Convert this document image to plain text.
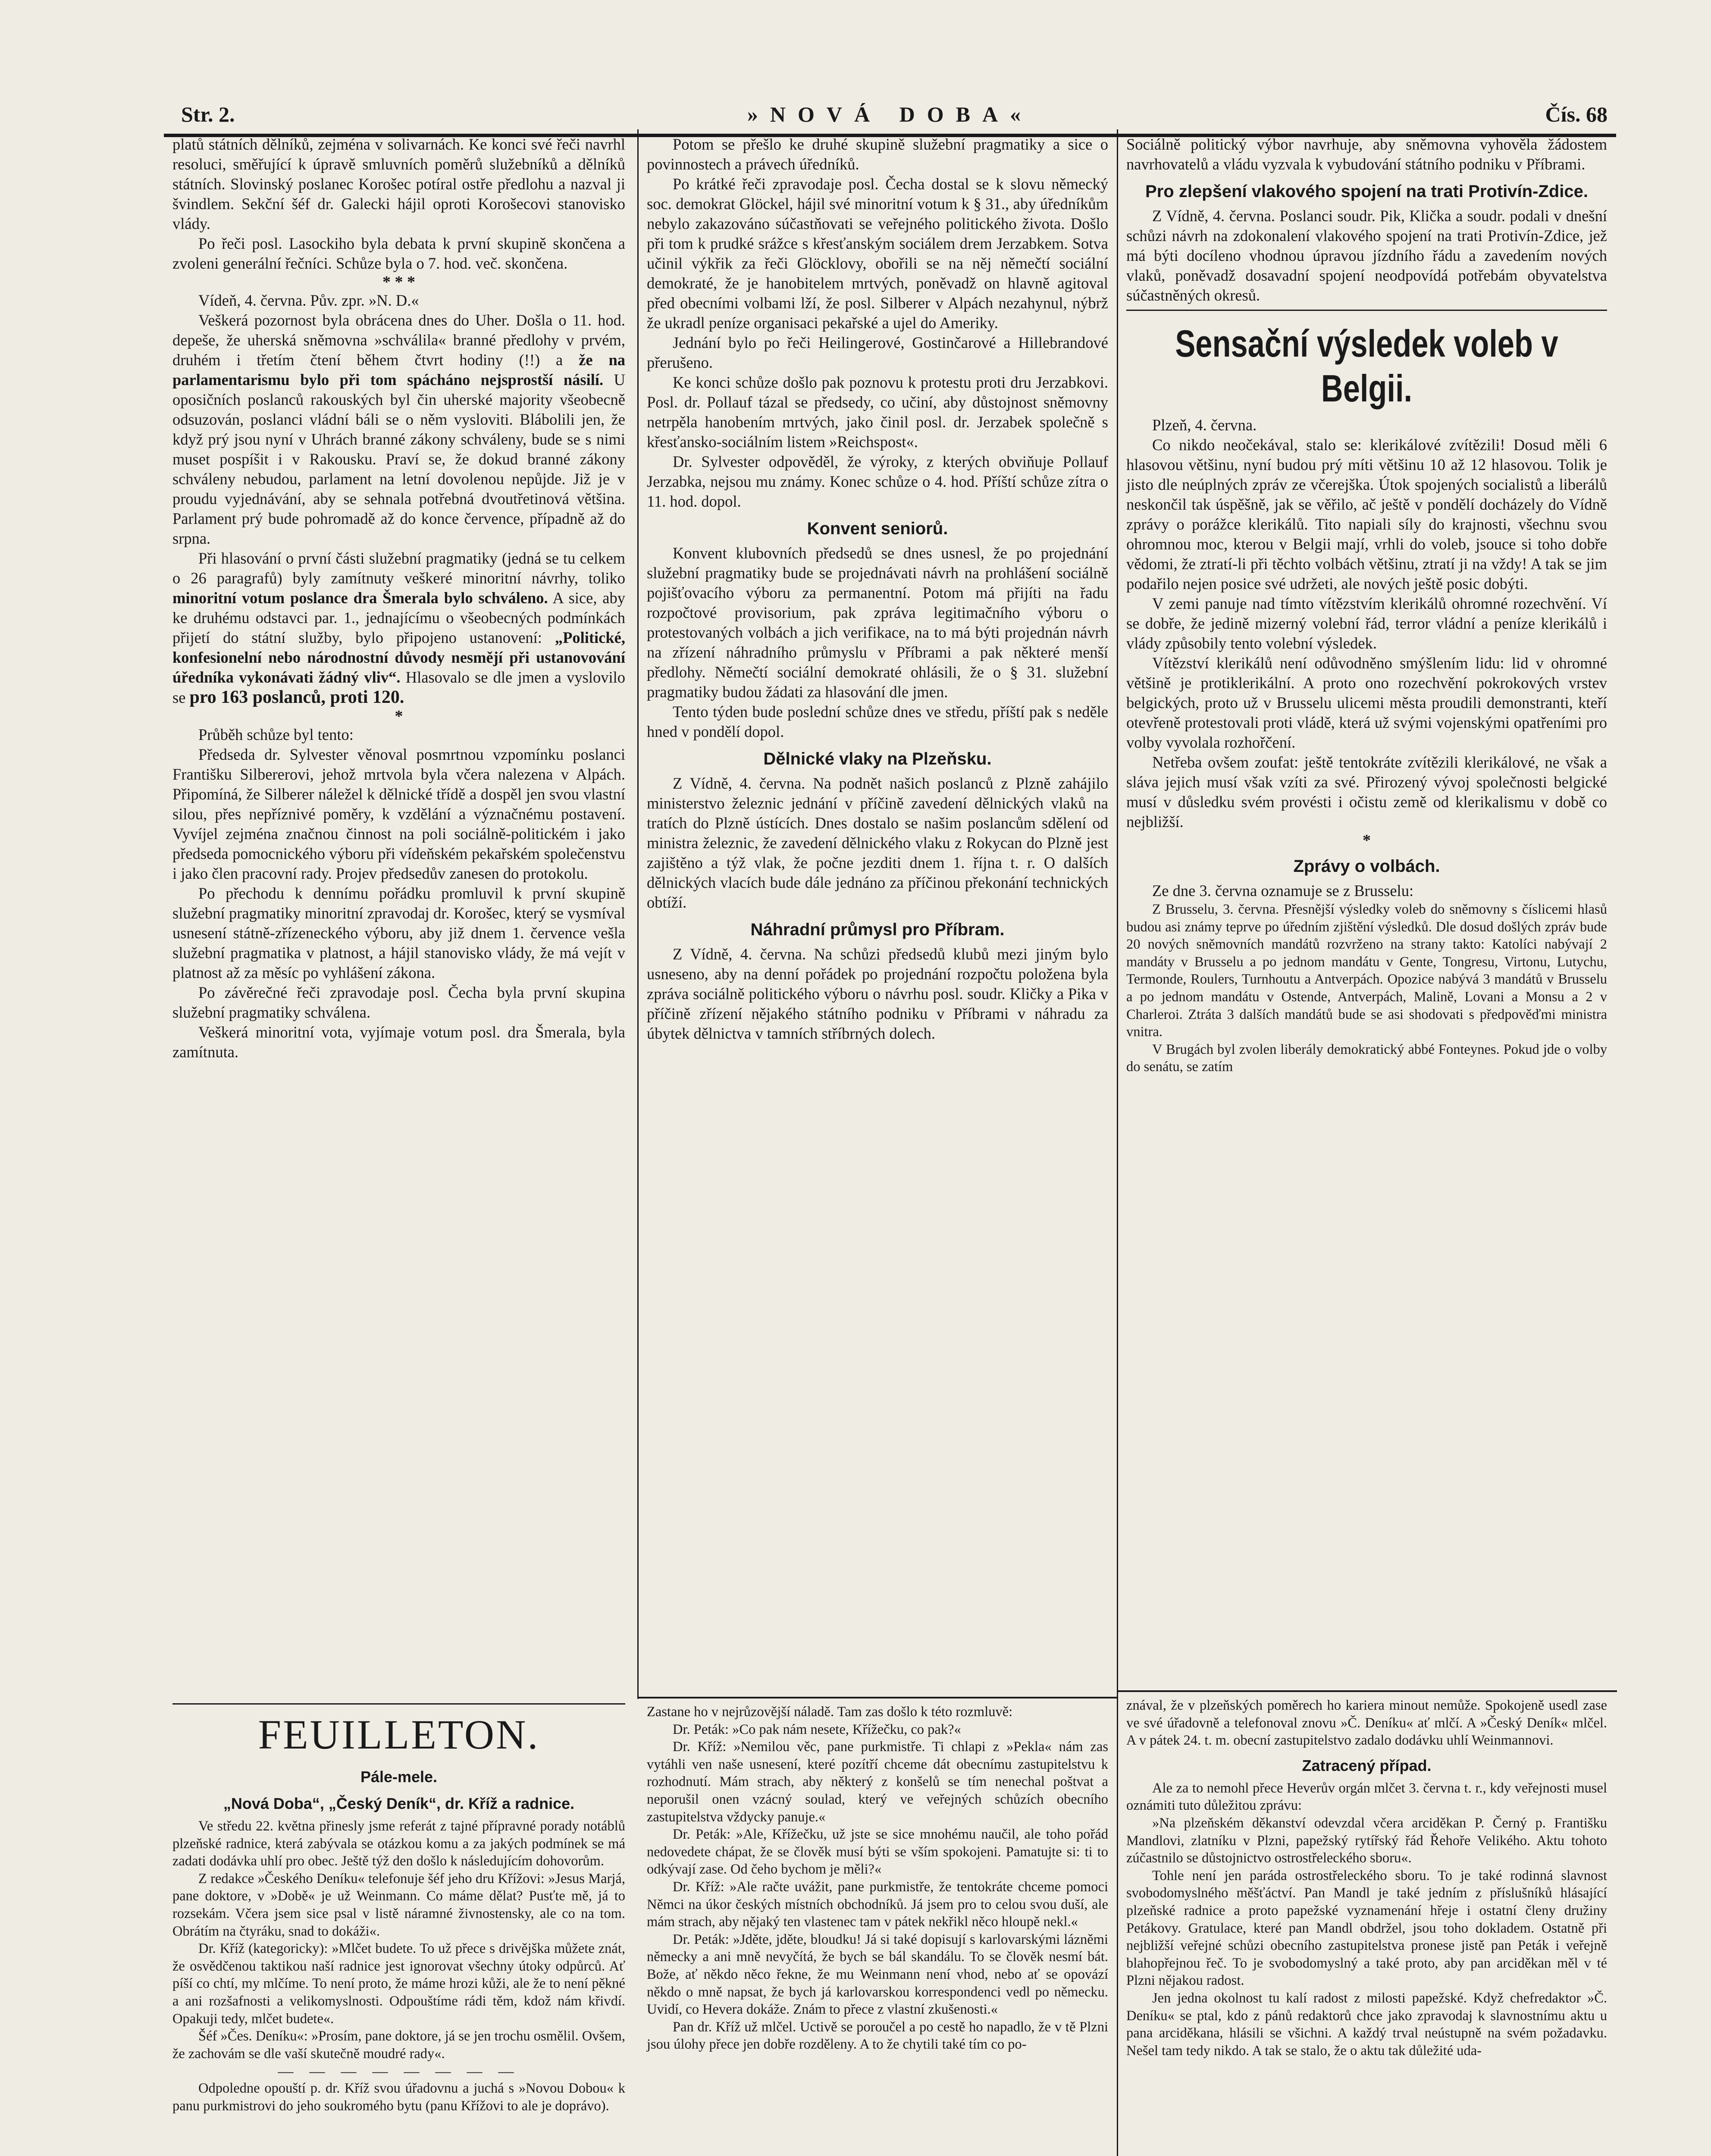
Str. 2.	»NOVÁ DOBA«	Čís. 68

platů státních dělníků, zejména v solivarnách. Ke konci své řeči navrhl resoluci, směřující k úpravě smluvních poměrů služebníků a dělníků státních. Slovinský poslanec Korošec potíral ostře předlohu a nazval ji švindlem. Sekční šéf dr. Galecki hájil oproti Korošecovi stanovisko vlády.

Po řeči posl. Lasockiho byla debata k první skupině skončena a zvoleni generální řečníci. Schůze byla o 7. hod. več. skončena.

* * *

Vídeň, 4. června. Pův. zpr. »N. D.«

Veškerá pozornost byla obrácena dnes do Uher. Došla o 11. hod. depeše, že uherská sněmovna »schválila« branné předlohy v prvém, druhém i třetím čtení během čtvrt hodiny (!!) a že na parlamentarismu bylo při tom spácháno nejsprostší násilí. U oposičních poslanců rakouských byl čin uherské majority všeobecně odsuzován, poslanci vládní báli se o něm vysloviti. Blábolili jen, že když prý jsou nyní v Uhrách branné zákony schváleny, bude se s nimi muset pospíšit i v Rakousku. Praví se, že dokud branné zákony schváleny nebudou, parlament na letní dovolenou nepůjde. Již je v proudu vyjednávání, aby se sehnala potřebná dvoutřetinová většina. Parlament prý bude pohromadě až do konce července, případně až do srpna.

Při hlasování o první části služební pragmatiky (jedná se tu celkem o 26 paragrafů) byly zamítnuty veškeré minoritní návrhy, toliko minoritní votum poslance dra Šmerala bylo schváleno. A sice, aby ke druhému odstavci par. 1., jednajícímu o všeobecných podmínkách přijetí do státní služby, bylo připojeno ustanovení: „Politické, konfesionelní nebo národnostní důvody nesmějí při ustanovování úředníka vykonávati žádný vliv“. Hlasovalo se dle jmen a vyslovilo se pro 163 poslanců, proti 120.

*

Průběh schůze byl tento:

Předseda dr. Sylvester věnoval posmrtnou vzpomínku poslanci Františku Silbererovi, jehož mrtvola byla včera nalezena v Alpách. Připomíná, že Silberer náležel k dělnické třídě a dospěl jen svou vlastní silou, přes nepříznivé poměry, k vzdělání a význačnému postavení. Vyvíjel zejména značnou činnost na poli sociálně-politickém i jako předseda pomocnického výboru při vídeňském pekařském společenstvu i jako člen pracovní rady. Projev předsedův zanesen do protokolu.

Po přechodu k dennímu pořádku promluvil k první skupině služební pragmatiky minoritní zpravodaj dr. Korošec, který se vysmíval usnesení státně-zřízeneckého výboru, aby již dnem 1. července vešla služební pragmatika v platnost, a hájil stanovisko vlády, že má vejít v platnost až za měsíc po vyhlášení zákona.

Po závěrečné řeči zpravodaje posl. Čecha byla první skupina služební pragmatiky schválena.

Veškerá minoritní vota, vyjímaje votum posl. dra Šmerala, byla zamítnuta.

Potom se přešlo ke druhé skupině služební pragmatiky a sice o povinnostech a právech úředníků.

Po krátké řeči zpravodaje posl. Čecha dostal se k slovu německý soc. demokrat Glöckel, hájil své minoritní votum k § 31., aby úředníkům nebylo zakazováno súčastňovati se veřejného politického života. Došlo při tom k prudké srážce s křesťanským sociálem drem Jerzabkem. Sotva učinil výkřik za řeči Glöcklovy, obořili se na něj němečtí sociální demokraté, že je hanobitelem mrtvých, poněvadž on hlavně agitoval před obecními volbami lží, že posl. Silberer v Alpách nezahynul, nýbrž že ukradl peníze organisaci pekařské a ujel do Ameriky.

Jednání bylo po řeči Heilingerové, Gostinčarové a Hillebrandové přerušeno.

Ke konci schůze došlo pak poznovu k protestu proti dru Jerzabkovi. Posl. dr. Pollauf tázal se předsedy, co učiní, aby důstojnost sněmovny netrpěla hanobením mrtvých, jako činil posl. dr. Jerzabek společně s křesťansko-sociálním listem »Reichspost«.

Dr. Sylvester odpověděl, že výroky, z kterých obviňuje Pollauf Jerzabka, nejsou mu známy. Konec schůze o 4. hod. Příští schůze zítra o 11. hod. dopol.

Konvent seniorů.

Konvent klubovních předsedů se dnes usnesl, že po projednání služební pragmatiky bude se projednávati návrh na prohlášení sociálně pojišťovacího výboru za permanentní. Potom má přijíti na řadu rozpočtové provisorium, pak zpráva legitimačního výboru o protestovaných volbách a jich verifikace, na to má býti projednán návrh na zřízení náhradního průmyslu v Příbrami a pak některé menší předlohy. Němečtí sociální demokraté ohlásili, že o § 31. služební pragmatiky budou žádati za hlasování dle jmen.

Tento týden bude poslední schůze dnes ve středu, příští pak s neděle hned v pondělí dopol.

Dělnické vlaky na Plzeňsku.

Z Vídně, 4. června. Na podnět našich poslanců z Plzně zahájilo ministerstvo železnic jednání v příčině zavedení dělnických vlaků na tratích do Plzně ústících. Dnes dostalo se našim poslancům sdělení od ministra železnic, že zavedení dělnického vlaku z Rokycan do Plzně jest zajištěno a týž vlak, že počne jezditi dnem 1. října t. r. O dalších dělnických vlacích bude dále jednáno za příčinou překonání technických obtíží.

Náhradní průmysl pro Příbram.

Z Vídně, 4. června. Na schůzi předsedů klubů mezi jiným bylo usneseno, aby na denní pořádek po projednání rozpočtu položena byla zpráva sociálně politického výboru o návrhu posl. soudr. Kličky a Pika v příčině zřízení nějakého státního podniku v Příbrami v náhradu za úbytek dělnictva v tamních stříbrných dolech.

Sociálně politický výbor navrhuje, aby sněmovna vyhověla žádostem navrhovatelů a vládu vyzvala k vybudování státního podniku v Příbrami.

Pro zlepšení vlakového spojení na trati Protivín-Zdice.

Z Vídně, 4. června. Poslanci soudr. Pik, Klička a soudr. podali v dnešní schůzi návrh na zdokonalení vlakového spojení na trati Protivín-Zdice, jež má býti docíleno vhodnou úpravou jízdního řádu a zavedením nových vlaků, poněvadž dosavadní spojení neodpovídá potřebám obyvatelstva súčastněných okresů.

Sensační výsledek voleb v Belgii.

Plzeň, 4. června.

Co nikdo neočekával, stalo se: klerikálové zvítězili! Dosud měli 6 hlasovou většinu, nyní budou prý míti většinu 10 až 12 hlasovou. Tolik je jisto dle neúplných zpráv ze včerejška. Útok spojených socialistů a liberálů neskončil tak úspěšně, jak se věřilo, ač ještě v pondělí docházely do Vídně zprávy o porážce klerikálů. Tito napiali síly do krajnosti, všechnu svou ohromnou moc, kterou v Belgii mají, vrhli do voleb, jsouce si toho dobře vědomi, že ztratí-li při těchto volbách většinu, ztratí ji na vždy! A tak se jim podařilo nejen posice své udržeti, ale nových ještě posic dobýti.

V zemi panuje nad tímto vítězstvím klerikálů ohromné rozechvění. Ví se dobře, že jedině mizerný volební řád, terror vládní a peníze klerikálů i vlády způsobily tento volební výsledek.

Vítězství klerikálů není odůvodněno smýšlením lidu: lid v ohromné většině je protiklerikální. A proto ono rozechvění pokrokových vrstev belgických, proto už v Brusselu ulicemi města proudili demonstranti, kteří otevřeně protestovali proti vládě, která už svými vojenskými opatřeními pro volby vyvolala rozhořčení.

Netřeba ovšem zoufat: ještě tentokráte zvítězili klerikálové, ne však a sláva jejich musí však vzíti za své. Přirozený vývoj společnosti belgické musí v důsledku svém provésti i očistu země od klerikalismu v době co nejbližší.

*
Zprávy o volbách.

Ze dne 3. června oznamuje se z Brusselu:

Z Brusselu, 3. června. Přesnější výsledky voleb do sněmovny s číslicemi hlasů budou asi známy teprve po úředním zjištění výsledků. Dle dosud došlých zpráv bude 20 nových sněmovních mandátů rozvrženo na strany takto: Katolíci nabývají 2 mandáty v Brusselu a po jednom mandátu v Gente, Tongresu, Virtonu, Lutychu, Termonde, Roulers, Turnhoutu a Antverpách. Opozice nabývá 3 mandátů v Brusselu a po jednom mandátu v Ostende, Antverpách, Malině, Lovani a Monsu a 2 v Charleroi. Ztráta 3 dalších mandátů bude se asi shodovati s předpověďmi ministra vnitra.

V Brugách byl zvolen liberály demokratický abbé Fonteynes. Pokud jde o volby do senátu, se zatím

FEUILLETON.
Pále-mele.
„Nová Doba“, „Český Deník“, dr. Kříž a radnice.

Ve středu 22. května přinesly jsme referát z tajné přípravné porady notáblů plzeňské radnice, která zabývala se otázkou komu a za jakých podmínek se má zadati dodávka uhlí pro obec. Ještě týž den došlo k následujícím dohovorům.

Z redakce »Českého Deníku« telefonuje šéf jeho dru Křížovi: »Jesus Marjá, pane doktore, v »Době« je už Weinmann. Co máme dělat? Pusťte mě, já to rozsekám. Včera jsem sice psal v listě náramné živnostensky, ale co na tom. Obrátím na čtyráku, snad to dokáži«.

Dr. Kříž (kategoricky): »Mlčet budete. To už přece s drivějška můžete znát, že osvědčenou taktikou naší radnice jest ignorovat všechny útoky odpůrců. Ať píší co chtí, my mlčíme. To není proto, že máme hrozi kůži, ale že to není pěkné a ani rozšafnosti a velikomyslnosti. Odpouštíme rádi těm, kdož nám křivdí. Opakuji tedy, mlčet budete«.

Šéf »Čes. Deníku«: »Prosím, pane doktore, já se jen trochu osmělil. Ovšem, že zachovám se dle vaší skutečně moudré rady«.

— — — — — — — —

Odpoledne opouští p. dr. Kříž svou úřadovnu a juchá s »Novou Dobou« k panu purkmistrovi do jeho soukromého bytu (panu Křížovi to ale je doprávo).

Zastane ho v nejrůzovější náladě. Tam zas došlo k této rozmluvě:

Dr. Peták: »Co pak nám nesete, Křížečku, co pak?«

Dr. Kříž: »Nemilou věc, pane purkmistře. Ti chlapi z »Pekla« nám zas vytáhli ven naše usnesení, které pozítří chceme dát obecnímu zastupitelstvu k rozhodnutí. Mám strach, aby některý z konšelů se tím nenechal poštvat a neporušil onen vzácný soulad, který ve veřejných schůzích obecního zastupitelstva vždycky panuje.«

Dr. Peták: »Ale, Křížečku, už jste se sice mnohému naučil, ale toho pořád nedovedete chápat, že se člověk musí býti se vším spokojeni. Pamatujte si: ti to odkývají zase. Od čeho bychom je měli?«

Dr. Kříž: »Ale račte uvážit, pane purkmistře, že tentokráte chceme pomoci Němci na úkor českých místních obchodníků. Já jsem pro to celou svou duší, ale mám strach, aby nějaký ten vlastenec tam v pátek nekřikl něco hloupě nekl.«

Dr. Peták: »Jděte, jděte, bloudku! Já si také dopisují s karlovarskými lázněmi německy a ani mně nevyčítá, že bych se bál skandálu. To se člověk nesmí bát. Bože, ať někdo něco řekne, že mu Weinmann není vhod, nebo ať se opovází někdo o mně napsat, že bych já karlovarskou korrespondenci vedl po německu. Uvidí, co Hevera dokáže. Znám to přece z vlastní zkušenosti.«

Pan dr. Kříž už mlčel. Uctivě se poroučel a po cestě ho napadlo, že v tě Plzni jsou úlohy přece jen dobře rozděleny. A to že chytili také tím co po-

znával, že v plzeňských poměrech ho kariera minout nemůže. Spokojeně usedl zase ve své úřadovně a telefonoval znovu »Č. Deníku« ať mlčí. A »Český Deník« mlčel. A v pátek 24. t. m. obecní zastupitelstvo zadalo dodávku uhlí Weinmannovi.

Zatracený případ.

Ale za to nemohl přece Heverův orgán mlčet 3. června t. r., kdy veřejnosti musel oznámiti tuto důležitou zprávu:

»Na plzeňském děkanství odevzdal včera arciděkan P. Černý p. Františku Mandlovi, zlatníku v Plzni, papežský rytířský řád Řehoře Velikého. Aktu tohoto zúčastnilo se důstojnictvo ostrostřeleckého sboru«.

Tohle není jen paráda ostrostřeleckého sboru. To je také rodinná slavnost svobodomyslného měšťáctví. Pan Mandl je také jedním z příslušníků hlásající plzeňské radnice a proto papežské vyznamenání hřeje i ostatní členy družiny Petákovy. Gratulace, které pan Mandl obdržel, jsou toho dokladem. Ostatně při nejbližší veřejné schůzi obecního zastupitelstva pronese jistě pan Peták i veřejně blahopřejnou řeč. To je svobodomyslný a také proto, aby pan arciděkan měl v té Plzni nějakou radost.

Jen jedna okolnost tu kalí radost z milosti papežské. Když chefredaktor »Č. Deníku« se ptal, kdo z pánů redaktorů chce jako zpravodaj k slavnostnímu aktu u pana arciděkana, hlásili se všichni. A každý trval neústupně na svém požadavku. Nešel tam tedy nikdo. A tak se stalo, že o aktu tak důležité uda-
